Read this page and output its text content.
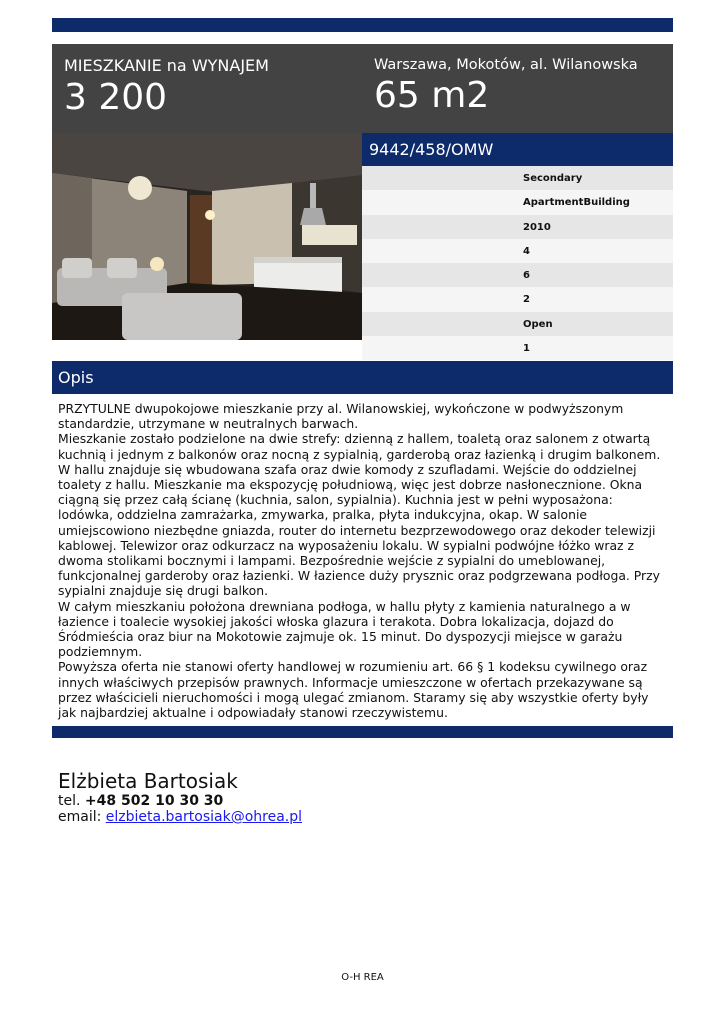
MIESZKANIE na WYNAJEM
3 200
Warszawa, Mokotów, al. Wilanowska
65 m2
9442/458/OMW
Secondary
ApartmentBuilding
2010
4
6
2
Open
1
Opis

PRZYTULNE dwupokojowe mieszkanie przy al. Wilanowskiej, wykończone w podwyższonym standardzie, utrzymane w neutralnych barwach.

Mieszkanie zostało podzielone na dwie strefy: dzienną z hallem, toaletą oraz salonem z otwartą kuchnią i jednym z balkonów oraz nocną z sypialnią, garderobą oraz łazienką i drugim balkonem.

W hallu znajduje się wbudowana szafa oraz dwie komody z szufladami. Wejście do oddzielnej toalety z hallu. Mieszkanie ma ekspozycję południową, więc jest dobrze nasłonecznione. Okna ciągną się przez całą ścianę (kuchnia, salon, sypialnia). Kuchnia jest w pełni wyposażona: lodówka, oddzielna zamrażarka, zmywarka, pralka, płyta indukcyjna, okap. W salonie umiejscowiono niezbędne gniazda, router do internetu bezprzewodowego oraz dekoder telewizji kablowej. Telewizor oraz odkurzacz na wyposażeniu lokalu. W sypialni podwójne łóżko wraz z dwoma stolikami bocznymi i lampami. Bezpośrednie wejście z sypialni do umeblowanej, funkcjonalnej garderoby oraz łazienki. W łazience duży prysznic oraz podgrzewana podłoga. Przy sypialni znajduje się drugi balkon.

W całym mieszkaniu położona drewniana podłoga, w hallu płyty z kamienia naturalnego a w łazience i toalecie wysokiej jakości włoska glazura i terakota. Dobra lokalizacja, dojazd do Śródmieścia oraz biur na Mokotowie zajmuje ok. 15 minut. Do dyspozycji miejsce w garażu podziemnym.

Powyższa oferta nie stanowi oferty handlowej w rozumieniu art. 66 § 1 kodeksu cywilnego oraz innych właściwych przepisów prawnych. Informacje umieszczone w ofertach przekazywane są przez właścicieli nieruchomości i mogą ulegać zmianom. Staramy się aby wszystkie oferty były jak najbardziej aktualne i odpowiadały stanowi rzeczywistemu.

Elżbieta Bartosiak
tel. +48 502 10 30 30
email: elzbieta.bartosiak@ohrea.pl
O-H REA
